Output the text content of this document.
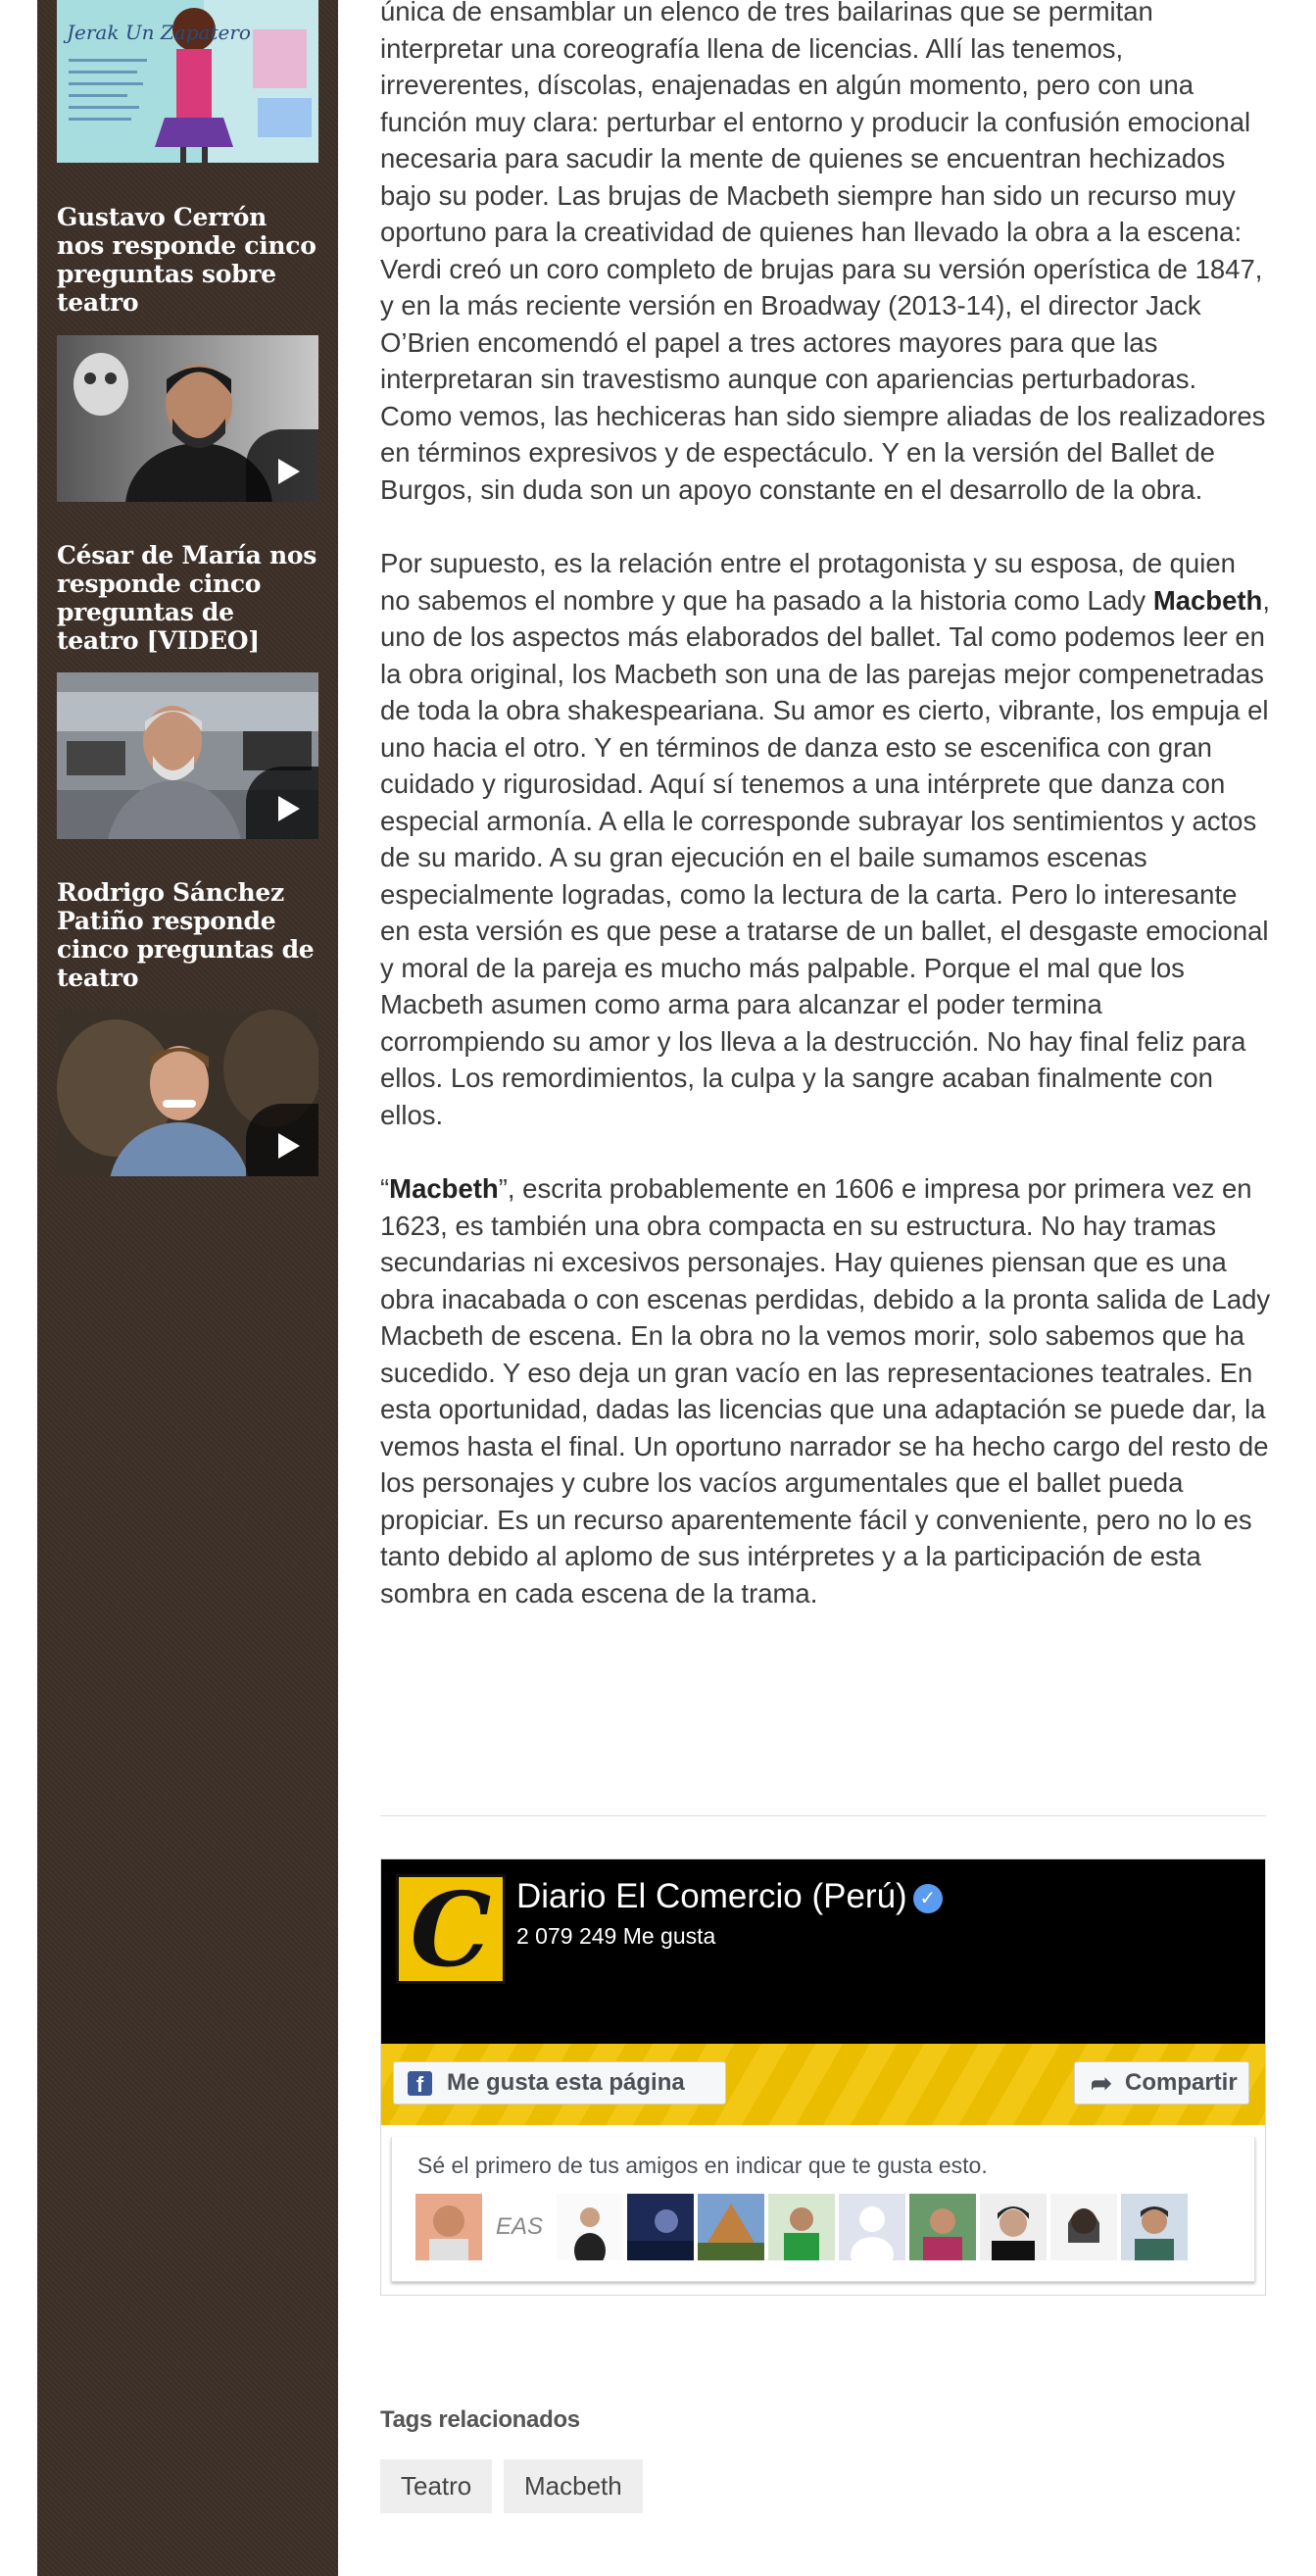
Jerak Un Zapatero
Gustavo Cerrón nos responde cinco preguntas sobre teatro
César de María nos responde cinco preguntas de teatro [VIDEO]
Rodrigo Sánchez Patiño responde cinco preguntas de teatro

única de ensamblar un elenco de tres bailarinas que se permitan interpretar una coreografía llena de licencias. Allí las tenemos, irreverentes, díscolas, enajenadas en algún momento, pero con una función muy clara: perturbar el entorno y producir la confusión emocional necesaria para sacudir la mente de quienes se encuentran hechizados bajo su poder. Las brujas de Macbeth siempre han sido un recurso muy oportuno para la creatividad de quienes han llevado la obra a la escena: Verdi creó un coro completo de brujas para su versión operística de 1847, y en la más reciente versión en Broadway (2013-14), el director Jack O’Brien encomendó el papel a tres actores mayores para que las interpretaran sin travestismo aunque con apariencias perturbadoras. Como vemos, las hechiceras han sido siempre aliadas de los realizadores en términos expresivos y de espectáculo. Y en la versión del Ballet de Burgos, sin duda son un apoyo constante en el desarrollo de la obra.

Por supuesto, es la relación entre el protagonista y su esposa, de quien no sabemos el nombre y que ha pasado a la historia como Lady Macbeth, uno de los aspectos más elaborados del ballet. Tal como podemos leer en la obra original, los Macbeth son una de las parejas mejor compenetradas de toda la obra shakespeariana. Su amor es cierto, vibrante, los empuja el uno hacia el otro. Y en términos de danza esto se escenifica con gran cuidado y rigurosidad. Aquí sí tenemos a una intérprete que danza con especial armonía. A ella le corresponde subrayar los sentimientos y actos de su marido. A su gran ejecución en el baile sumamos escenas especialmente logradas, como la lectura de la carta. Pero lo interesante en esta versión es que pese a tratarse de un ballet, el desgaste emocional y moral de la pareja es mucho más palpable. Porque el mal que los Macbeth asumen como arma para alcanzar el poder termina corrompiendo su amor y los lleva a la destrucción. No hay final feliz para ellos. Los remordimientos, la culpa y la sangre acaban finalmente con ellos.

“Macbeth”, escrita probablemente en 1606 e impresa por primera vez en 1623, es también una obra compacta en su estructura. No hay tramas secundarias ni excesivos personajes. Hay quienes piensan que es una obra inacabada o con escenas perdidas, debido a la pronta salida de Lady Macbeth de escena. En la obra no la vemos morir, solo sabemos que ha sucedido. Y eso deja un gran vacío en las representaciones teatrales. En esta oportunidad, dadas las licencias que una adaptación se puede dar, la vemos hasta el final. Un oportuno narrador se ha hecho cargo del resto de los personajes y cubre los vacíos argumentales que el ballet pueda propiciar. Es un recurso aparentemente fácil y conveniente, pero no lo es tanto debido al aplomo de sus intérpretes y a la participación de esta sombra en cada escena de la trama.

C Diario El Comercio (Perú) ✓
2 079 249 Me gusta
f Me gusta esta página	➦ Compartir
Sé el primero de tus amigos en indicar que te gusta esto.
EAS
Tags relacionados
Teatro	Macbeth
